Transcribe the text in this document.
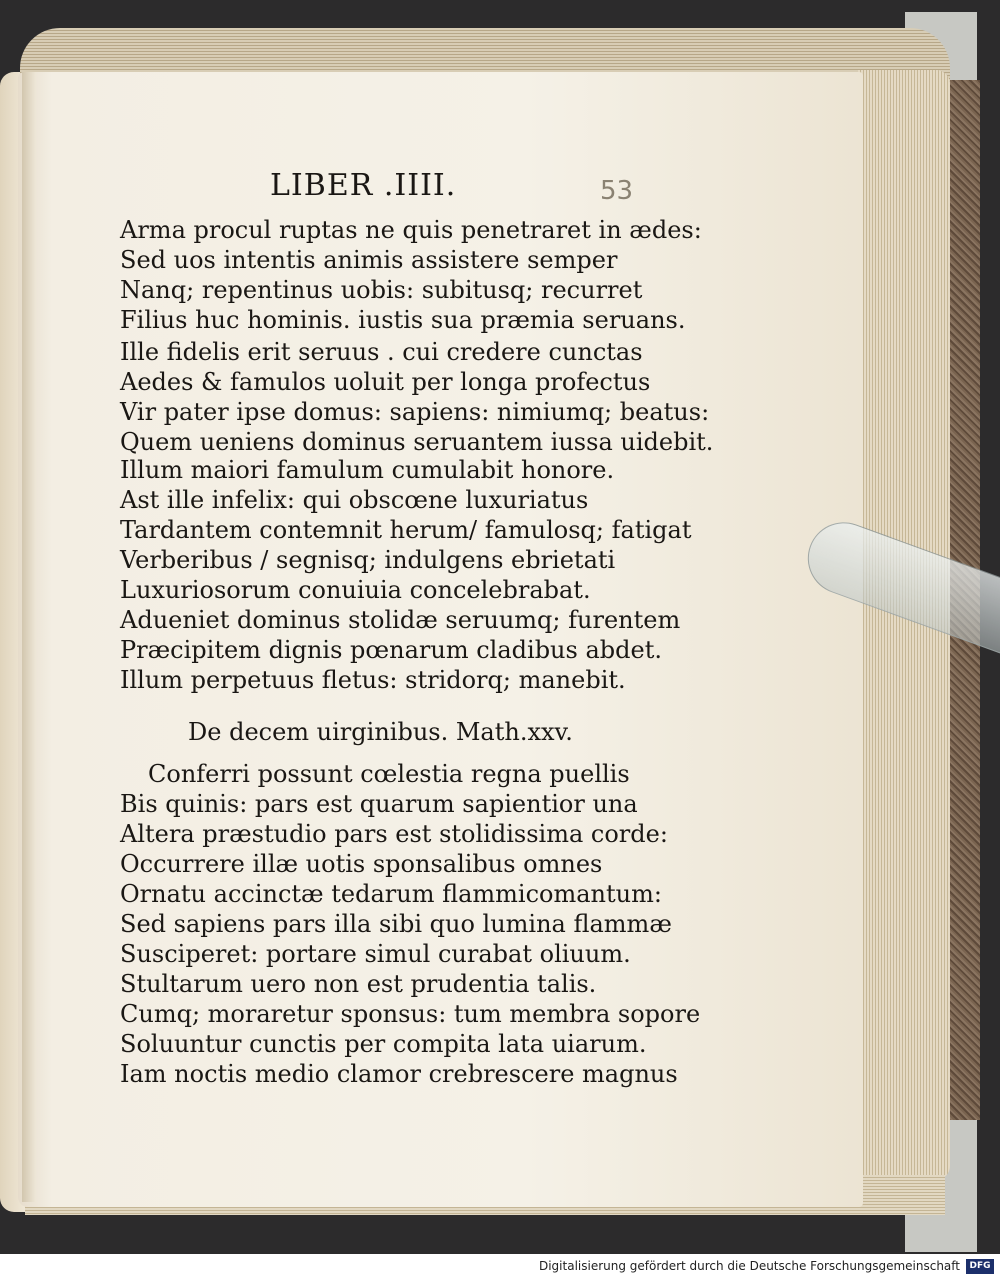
LIBER .IIII.	53
Arma procul ruptas ne quis penetraret in ædes:
Sed uos intentis animis assistere semper
Nanq; repentinus uobis: subitusq; recurret
Filius huc hominis. iustis sua præmia seruans.
Ille fidelis erit seruus . cui credere cunctas
Aedes & famulos uoluit per longa profectus
Vir pater ipse domus: sapiens: nimiumq; beatus:
Quem ueniens dominus seruantem iussa uidebit.
Illum maiori famulum cumulabit honore.
Ast ille infelix: qui obscœne luxuriatus
Tardantem contemnit herum/ famulosq; fatigat
Verberibus / segnisq; indulgens ebrietati
Luxuriosorum conuiuia concelebrabat.
Adueniet dominus stolidæ seruumq; furentem
Præcipitem dignis pœnarum cladibus abdet.
Illum perpetuus fletus: stridorq; manebit.
De decem uirginibus. Math.xxv.
Conferri possunt cœlestia regna puellis
Bis quinis: pars est quarum sapientior una
Altera præstudio pars est stolidissima corde:
Occurrere illæ uotis sponsalibus omnes
Ornatu accinctæ tedarum flammicomantum:
Sed sapiens pars illa sibi quo lumina flammæ
Susciperet: portare simul curabat oliuum.
Stultarum uero non est prudentia talis.
Cumq; moraretur sponsus: tum membra sopore
Soluuntur cunctis per compita lata uiarum.
Iam noctis medio clamor crebrescere magnus
Digitalisierung gefördert durch die Deutsche Forschungsgemeinschaft	DFG
